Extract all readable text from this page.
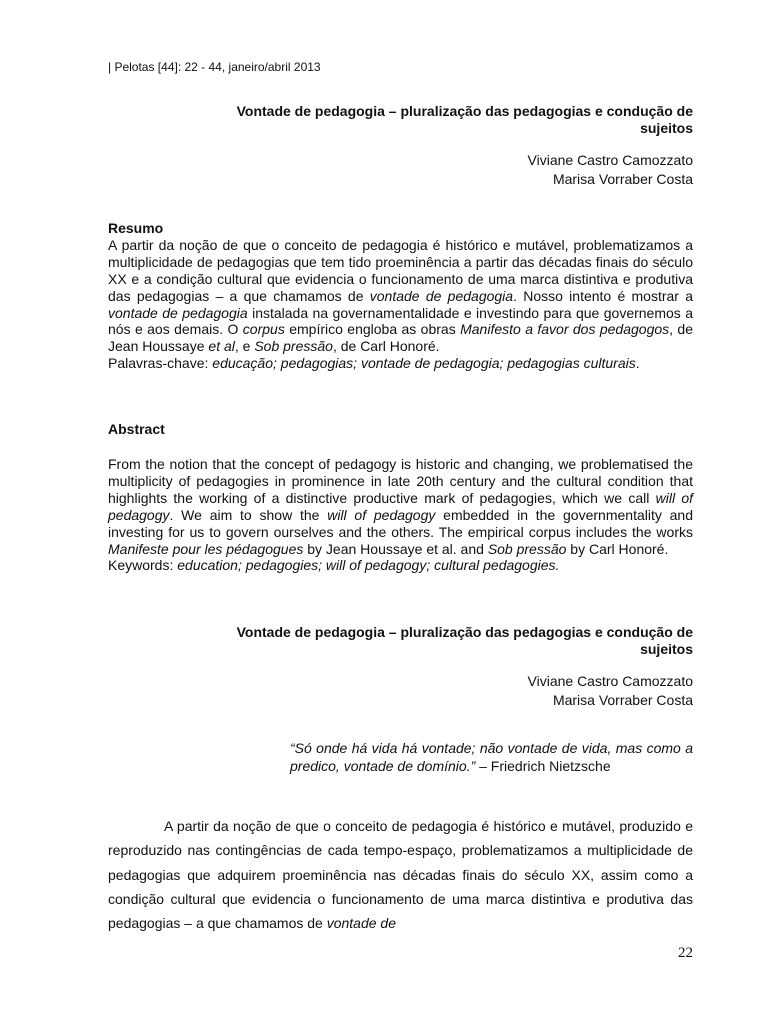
| Pelotas [44]: 22 - 44, janeiro/abril 2013
Vontade de pedagogia – pluralização das pedagogias e condução de
sujeitos
Viviane Castro Camozzato
Marisa Vorraber Costa
Resumo
A partir da noção de que o conceito de pedagogia é histórico e mutável, problematizamos a multiplicidade de pedagogias que tem tido proeminência a partir das décadas finais do século XX e a condição cultural que evidencia o funcionamento de uma marca distintiva e produtiva das pedagogias – a que chamamos de vontade de pedagogia. Nosso intento é mostrar a vontade de pedagogia instalada na governamentalidade e investindo para que governemos a nós e aos demais. O corpus empírico engloba as obras Manifesto a favor dos pedagogos, de Jean Houssaye et al, e Sob pressão, de Carl Honoré.
Palavras-chave: educação; pedagogias; vontade de pedagogia; pedagogias culturais.
Abstract
From the notion that the concept of pedagogy is historic and changing, we problematised the multiplicity of pedagogies in prominence in late 20th century and the cultural condition that highlights the working of a distinctive productive mark of pedagogies, which we call will of pedagogy. We aim to show the will of pedagogy embedded in the governmentality and investing for us to govern ourselves and the others. The empirical corpus includes the works Manifeste pour les pédagogues by Jean Houssaye et al. and Sob pressão by Carl Honoré.
Keywords: education; pedagogies; will of pedagogy; cultural pedagogies.
Vontade de pedagogia – pluralização das pedagogias e condução de
sujeitos
Viviane Castro Camozzato
Marisa Vorraber Costa
“Só onde há vida há vontade; não vontade de vida, mas como a predico, vontade de domínio.” – Friedrich Nietzsche
A partir da noção de que o conceito de pedagogia é histórico e mutável, produzido e reproduzido nas contingências de cada tempo-espaço, problematizamos a multiplicidade de pedagogias que adquirem proeminência nas décadas finais do século XX, assim como a condição cultural que evidencia o funcionamento de uma marca distintiva e produtiva das pedagogias – a que chamamos de vontade de
22
